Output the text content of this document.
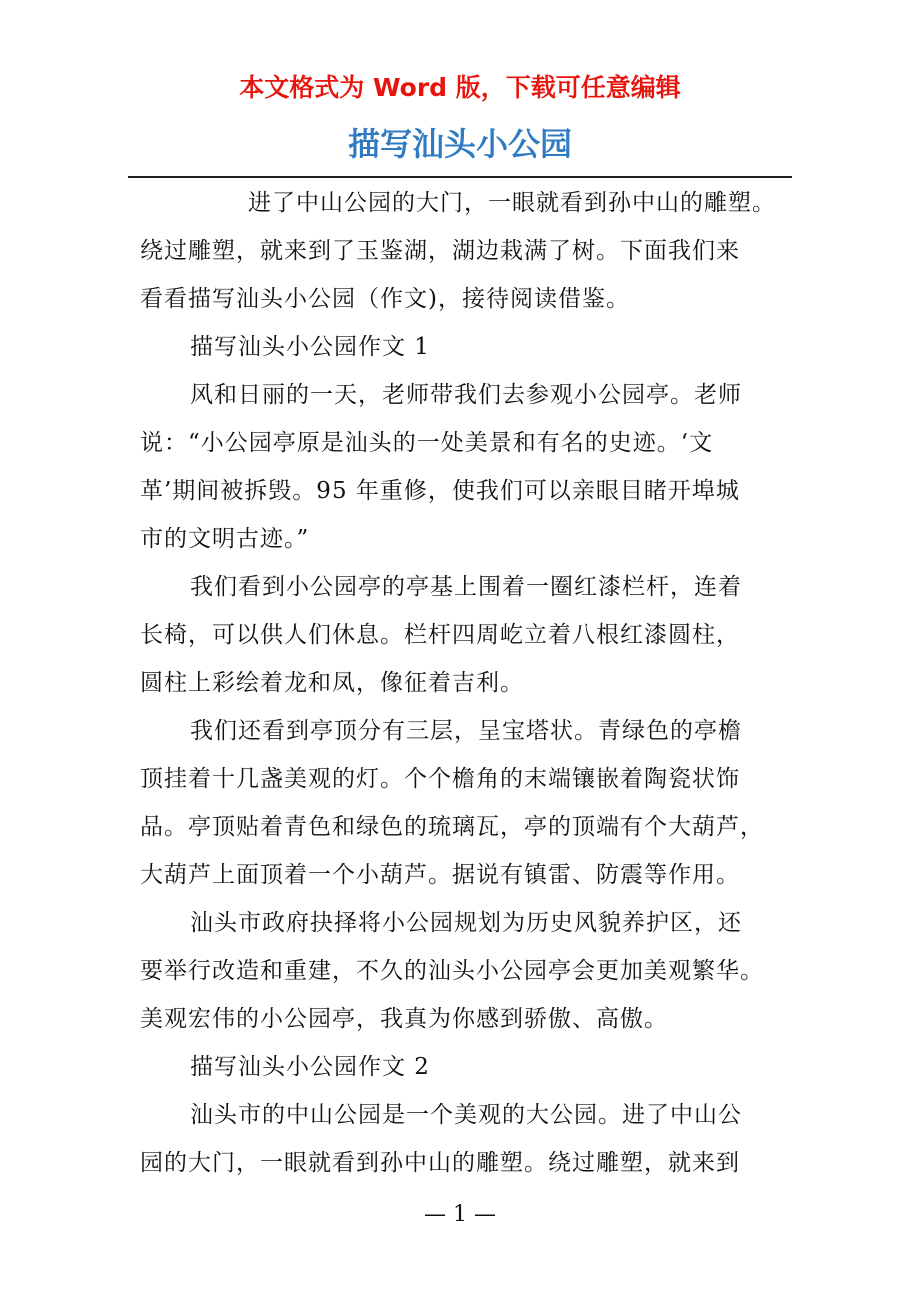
本文格式为 Word 版，下载可任意编辑
描写汕头小公园

进了中山公园的大门，一眼就看到孙中山的雕塑。
绕过雕塑，就来到了玉鉴湖，湖边栽满了树。下面我们来
看看描写汕头小公园（作文)，接待阅读借鉴。

描写汕头小公园作文 1

风和日丽的一天，老师带我们去参观小公园亭。老师
说：“小公园亭原是汕头的一处美景和有名的史迹。‘文
革’期间被拆毁。95 年重修，使我们可以亲眼目睹开埠城
市的文明古迹。”

我们看到小公园亭的亭基上围着一圈红漆栏杆，连着
长椅，可以供人们休息。栏杆四周屹立着八根红漆圆柱，
圆柱上彩绘着龙和凤，像征着吉利。

我们还看到亭顶分有三层，呈宝塔状。青绿色的亭檐
顶挂着十几盏美观的灯。个个檐角的末端镶嵌着陶瓷状饰
品。亭顶贴着青色和绿色的琉璃瓦，亭的顶端有个大葫芦，
大葫芦上面顶着一个小葫芦。据说有镇雷、防震等作用。

汕头市政府抉择将小公园规划为历史风貌养护区，还
要举行改造和重建，不久的汕头小公园亭会更加美观繁华。
美观宏伟的小公园亭，我真为你感到骄傲、高傲。

描写汕头小公园作文 2

汕头市的中山公园是一个美观的大公园。进了中山公
园的大门，一眼就看到孙中山的雕塑。绕过雕塑，就来到

— 1 —
